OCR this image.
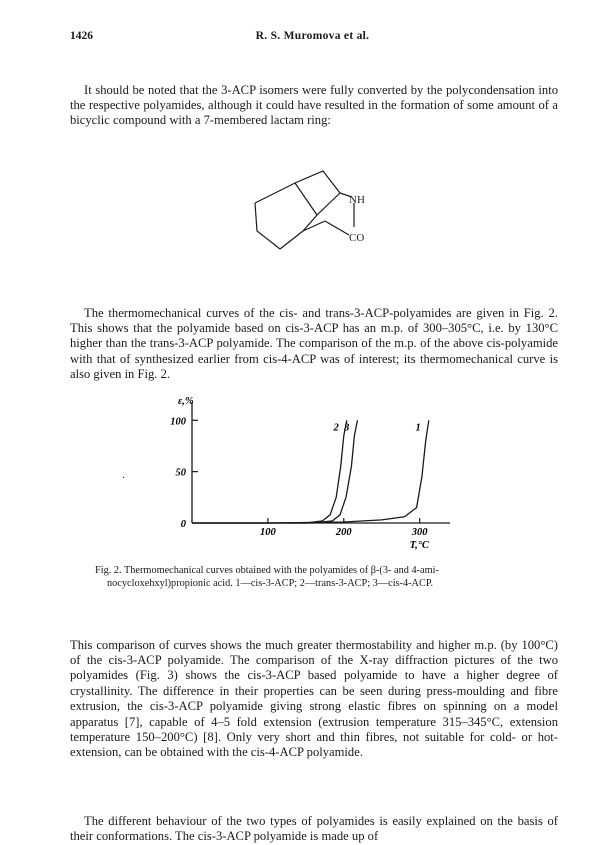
1426	R. S. Muromova et al.

It should be noted that the 3-ACP isomers were fully converted by the polycondensation into the respective polyamides, although it could have resulted in the formation of some amount of a bicyclic compound with a 7-membered lactam ring:

NH
CO

The thermomechanical curves of the cis- and trans-3-ACP-polyamides are given in Fig. 2. This shows that the polyamide based on cis-3-ACP has an m.p. of 300–305°C, i.e. by 130°C higher than the trans-3-ACP polyamide. The comparison of the m.p. of the above cis-polyamide with that of synthesized earlier from cis-4-ACP was of interest; its thermomechanical curve is also given in Fig. 2.

.
0
50
100
100	200	300
ε,%
T,°C
2 3	1
Fig. 2. Thermomechanical curves obtained with the polyamides of β-(3- and 4-ami-
nocycloxehxyl)propionic acid. 1—cis-3-ACP; 2—trans-3-ACP; 3—cis-4-ACP.

This comparison of curves shows the much greater thermostability and higher m.p. (by 100°C) of the cis-3-ACP polyamide. The comparison of the X-ray diffraction pictures of the two polyamides (Fig. 3) shows the cis-3-ACP based polyamide to have a higher degree of crystallinity. The difference in their properties can be seen during press-moulding and fibre extrusion, the cis-3-ACP polyamide giving strong elastic fibres on spinning on a model apparatus [7], capable of 4–5 fold extension (extrusion temperature 315–345°C, extension temperature 150–200°C) [8]. Only very short and thin fibres, not suitable for cold- or hot-extension, can be obtained with the cis-4-ACP polyamide.

The different behaviour of the two types of polyamides is easily explained on the basis of their conformations. The cis-3-ACP polyamide is made up of
